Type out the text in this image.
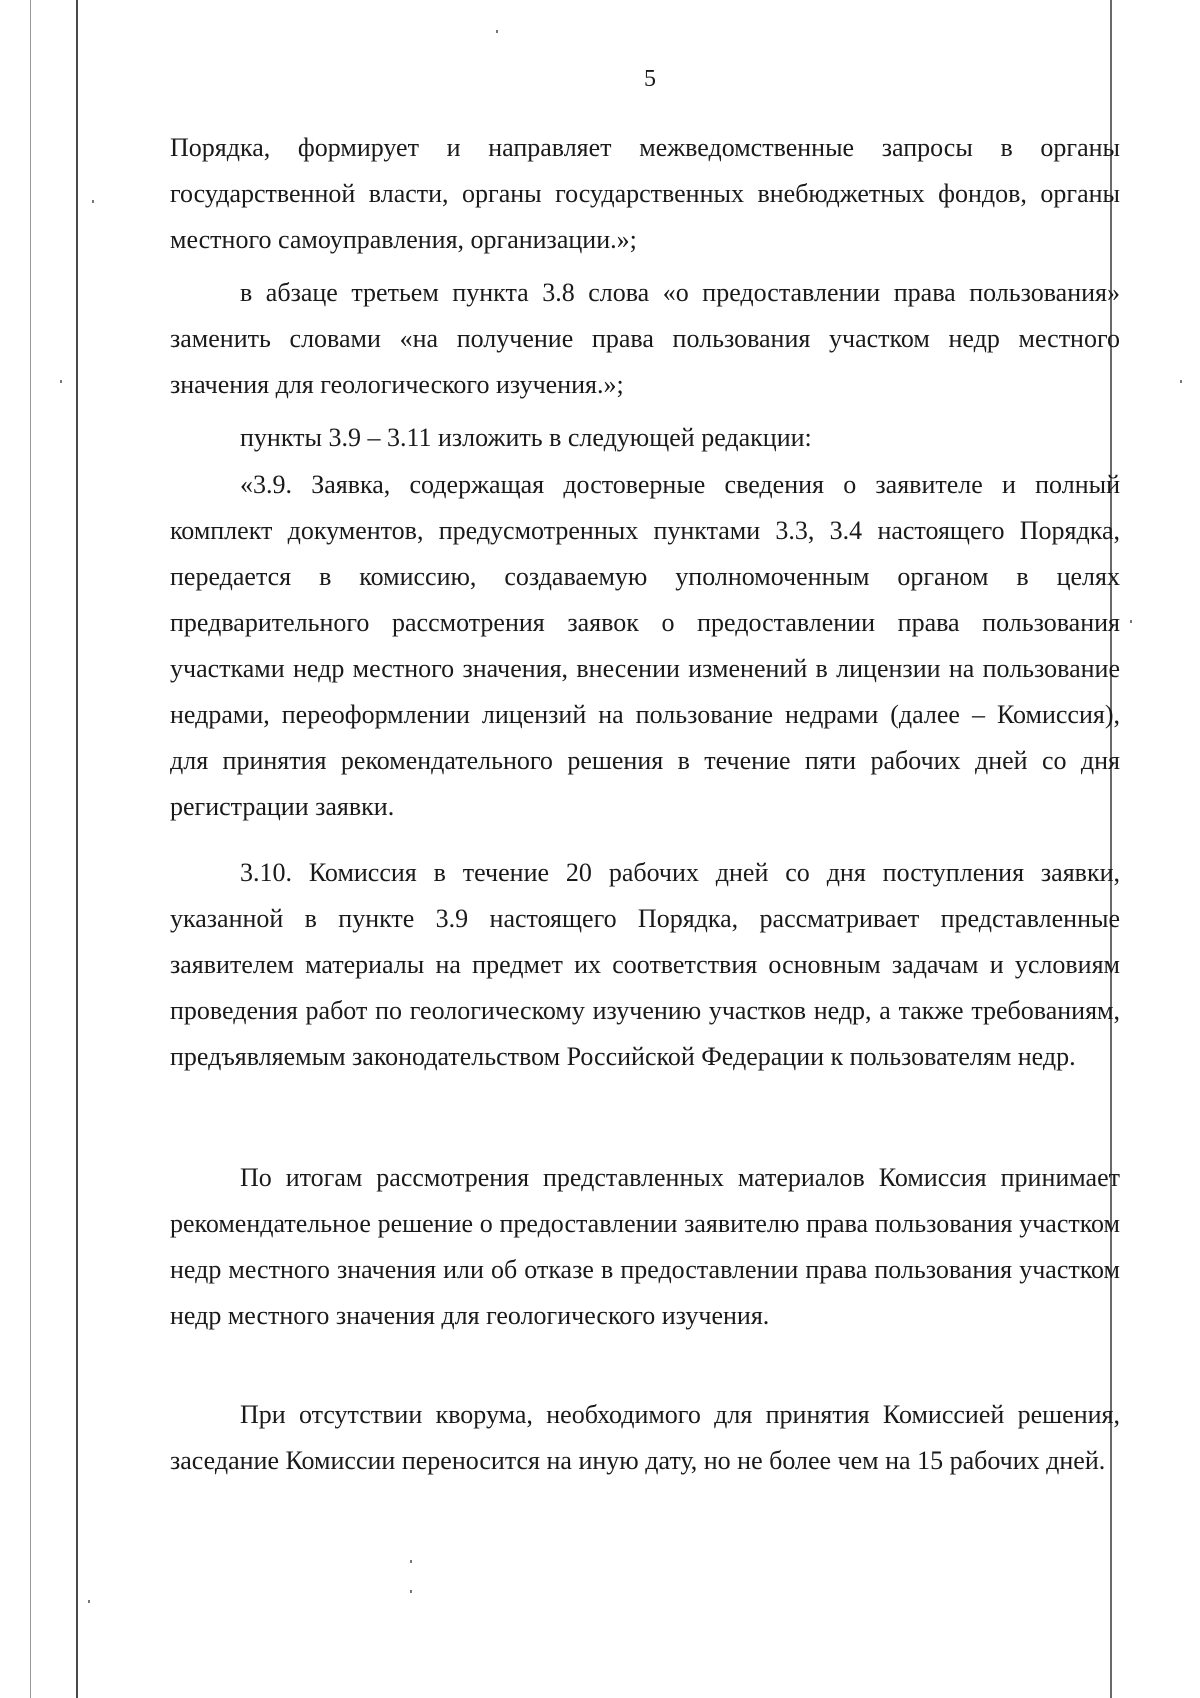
5

Порядка, формирует и направляет межведомственные запросы в органы государственной власти, органы государственных внебюджетных фондов, органы местного самоуправления, организации.»;

в абзаце третьем пункта 3.8 слова «о предоставлении права пользования» заменить словами «на получение права пользования участком недр местного значения для геологического изучения.»;

пункты 3.9 – 3.11 изложить в следующей редакции:

«3.9. Заявка, содержащая достоверные сведения о заявителе и полный комплект документов, предусмотренных пунктами 3.3, 3.4 настоящего Порядка, передается в комиссию, создаваемую уполномоченным органом в целях предварительного рассмотрения заявок о предоставлении права пользования участками недр местного значения, внесении изменений в лицензии на пользование недрами, переоформлении лицензий на пользование недрами (далее – Комиссия), для принятия рекомендательного решения в течение пяти рабочих дней со дня регистрации заявки.

3.10. Комиссия в течение 20 рабочих дней со дня поступления заявки, указанной в пункте 3.9 настоящего Порядка, рассматривает представленные заявителем материалы на предмет их соответствия основным задачам и условиям проведения работ по геологическому изучению участков недр, а также требованиям, предъявляемым законодательством Российской Федерации к пользователям недр.

По итогам рассмотрения представленных материалов Комиссия принимает рекомендательное решение о предоставлении заявителю права пользования участком недр местного значения или об отказе в предоставлении права пользования участком недр местного значения для геологического изучения.

При отсутствии кворума, необходимого для принятия Комиссией решения, заседание Комиссии переносится на иную дату, но не более чем на 15 рабочих дней.
